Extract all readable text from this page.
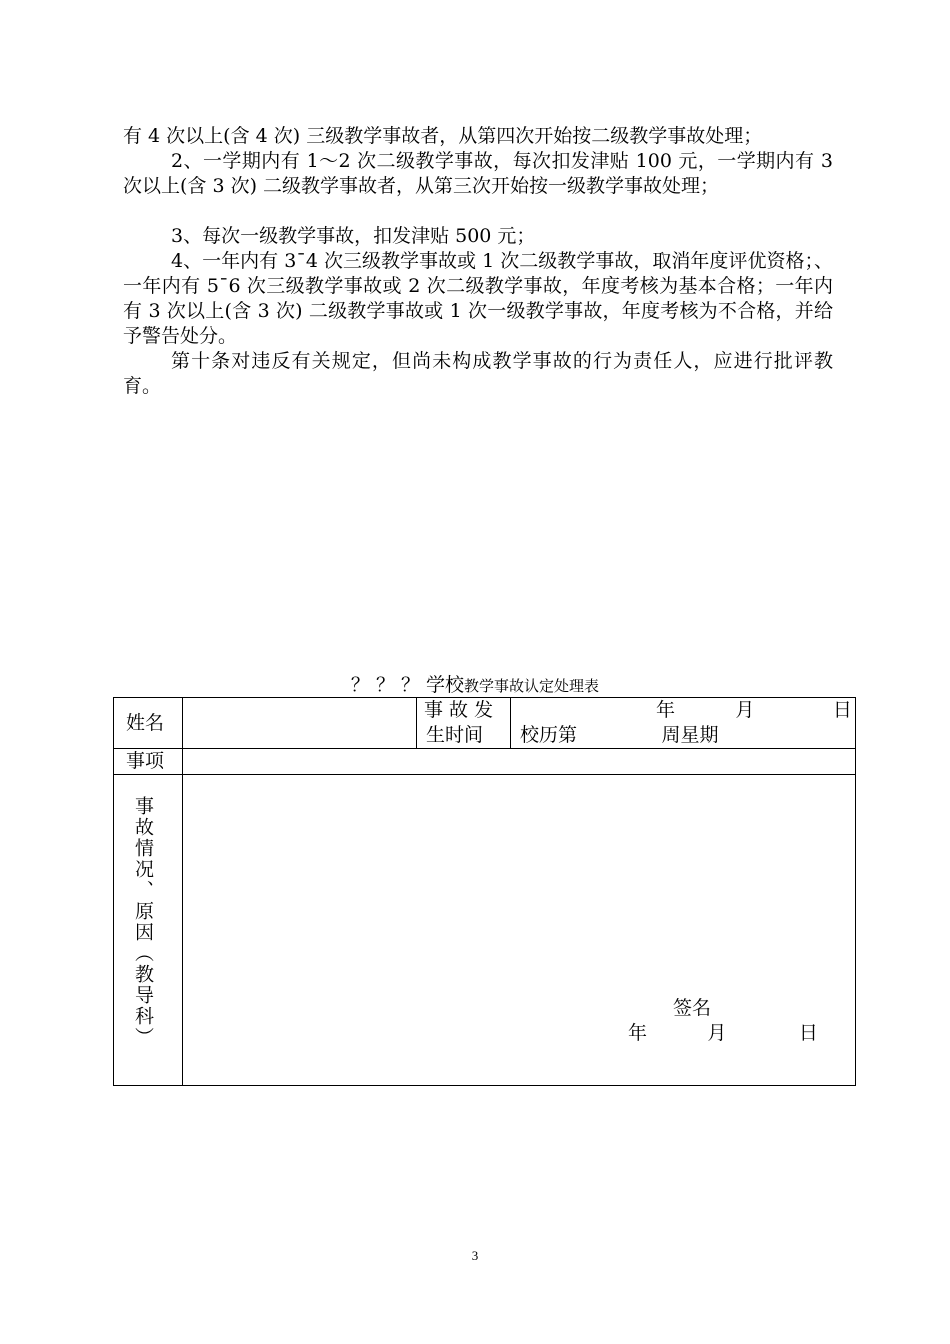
有 4 次以上(含 4 次) 三级教学事故者，从第四次开始按二级教学事故处理；
2、一学期内有 1～2 次二级教学事故，每次扣发津贴 100 元，一学期内有 3 次以上(含 3 次) 二级教学事故者，从第三次开始按一级教学事故处理；
3、每次一级教学事故，扣发津贴 500 元；
4、一年内有 3¯4 次三级教学事故或 1 次二级教学事故，取消年度评优资格；、一年内有 5¯6 次三级教学事故或 2 次二级教学事故，年度考核为基本合格；一年内有 3 次以上(含 3 次) 二级教学事故或 1 次一级教学事故，年度考核为不合格，并给予警告处分。
第十条对违反有关规定，但尚未构成教学事故的行为责任人，应进行批评教育。
？ ？ ？ 学校教学事故认定处理表
姓名
事 故 发
生时间
年          月             日
校历第              周星期
事项
事故情况、原因（教导科）	签名
年          月            日
3
